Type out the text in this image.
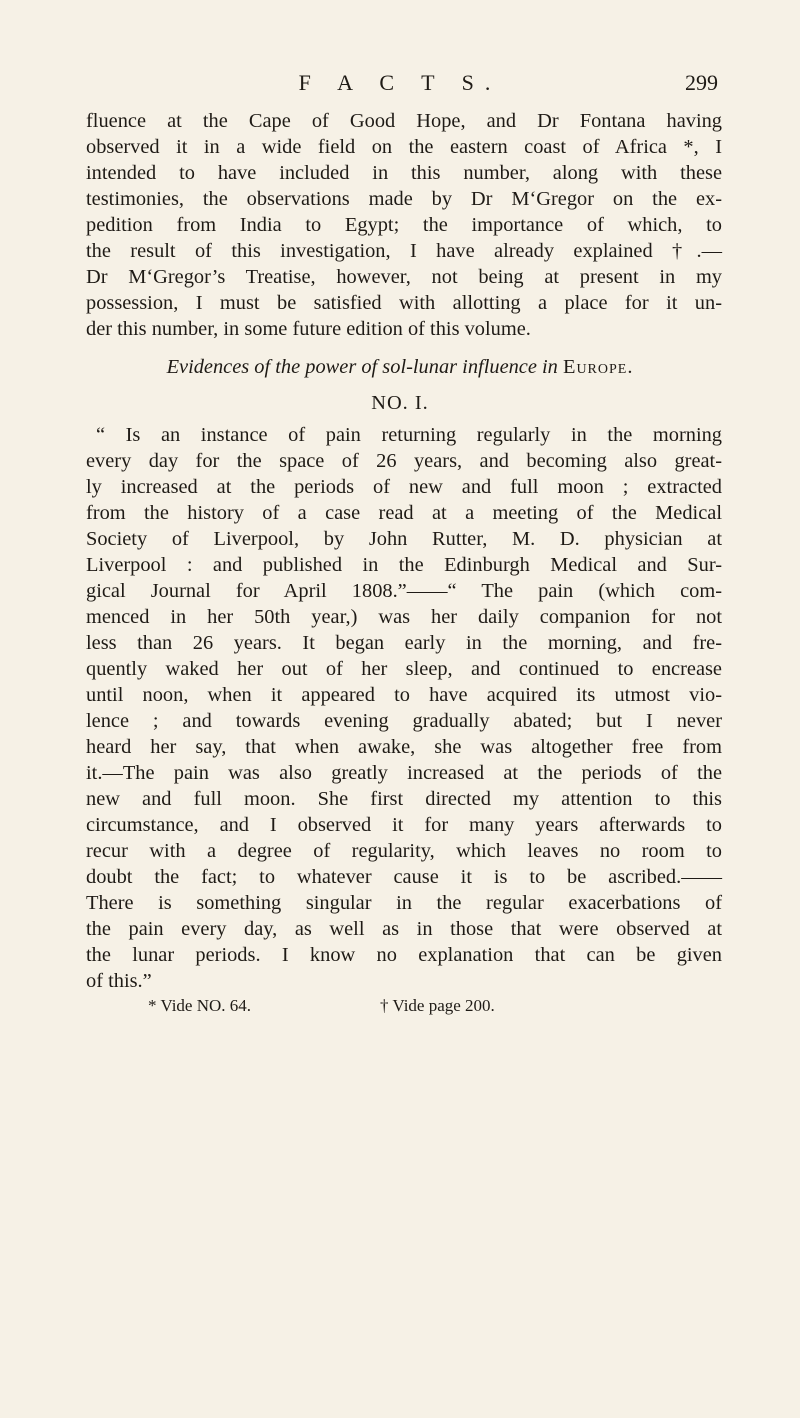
F A C T S.	299
fluence at the Cape of Good Hope, and Dr Fontana having
observed it in a wide field on the eastern coast of Africa *, I
intended to have included in this number, along with these
testimonies, the observations made by Dr M‘Gregor on the ex-
pedition from India to Egypt; the importance of which, to
the result of this investigation, I have already explained †.—
Dr M‘Gregor’s Treatise, however, not being at present in my
possession, I must be satisfied with allotting a place for it un-
der this number, in some future edition of this volume.
Evidences of the power of sol-lunar influence in Europe.
NO. I.
“ Is an instance of pain returning regularly in the morning
every day for the space of 26 years, and becoming also great-
ly increased at the periods of new and full moon ; extracted
from the history of a case read at a meeting of the Medical
Society of Liverpool, by John Rutter, M. D. physician at
Liverpool : and published in the Edinburgh Medical and Sur-
gical Journal for April 1808.”——“ The pain (which com-
menced in her 50th year,) was her daily companion for not
less than 26 years. It began early in the morning, and fre-
quently waked her out of her sleep, and continued to encrease
until noon, when it appeared to have acquired its utmost vio-
lence ; and towards evening gradually abated; but I never
heard her say, that when awake, she was altogether free from
it.—The pain was also greatly increased at the periods of the
new and full moon. She first directed my attention to this
circumstance, and I observed it for many years afterwards to
recur with a degree of regularity, which leaves no room to
doubt the fact; to whatever cause it is to be ascribed.——
There is something singular in the regular exacerbations of
the pain every day, as well as in those that were observed at
the lunar periods. I know no explanation that can be given
of this.”
* Vide NO. 64.	† Vide page 200.
